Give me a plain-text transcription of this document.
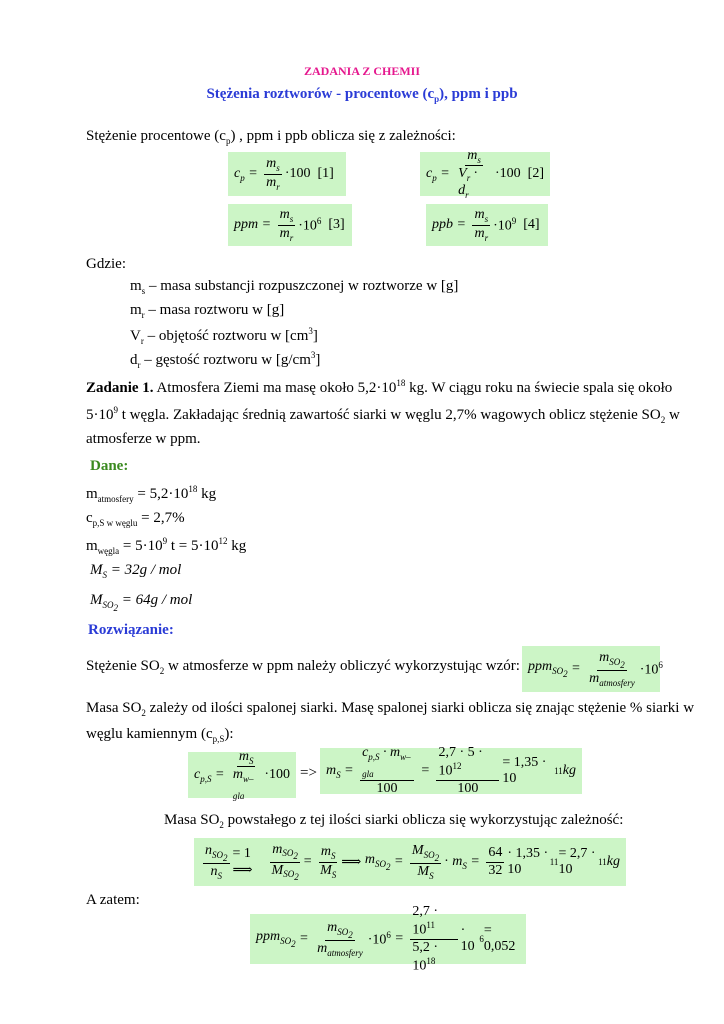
ZADANIA Z CHEMII
Stężenia roztworów - procentowe $(c_p)$, ppm i ppb
Stężenie procentowe $(c_p)$ , ppm i ppb oblicza się z zależności:
$c_p = \frac{m_s}{m_r} \cdot 100$
[1]	$c_p = \frac{m_s}{V_r \cdot d_r} \cdot 100$
[2]
ppm = $\frac{m_s}{m_r} \cdot 10^6$
[3]	ppb = $\frac{m_s}{m_r} \cdot 10^9$
[4]
Gdzie:
$m_s$ – masa substancji rozpuszczonej w roztworze w [g]
$m_r$ – masa roztworu w [g]
$V_r$ – objętość roztworu w $[cm^3]$
$d_r$ – gęstość roztworu w $[g/cm^3]$
Zadanie 1. Atmosfera Ziemi ma masę około $5,2\cdot 10^{18}$ kg. W ciągu roku na świecie spala się około
$5\cdot 10^9$ t węgla. Zakładając średnią zawartość siarki w węglu 2,7% wagowych oblicz stężenie $SO_2$ w
atmosferze w ppm.
Dane:
$m_{atmosfery} = 5,2\cdot 10^{18}$ kg
$c_{p,S w węglu} = 2,7\%$
$m_{węgla} = 5\cdot 10^9$ $t = 5\cdot 10^{12}$ kg
$M_S = 32g$ / mol
$M_{SO_2} = 64g$ / mol
Rozwiązanie:
Stężenie $SO_2$ w atmosferze w ppm należy obliczyć wykorzystując wzór: $ppm_{SO_2} = \frac{m_{SO_2}}{m_{atmosfery}} \cdot 10^6$
Masa $SO_2$ zależy od ilości spalonej siarki. Masę spalonej siarki oblicza się znając stężenie % siarki w
węglu kamiennym $(c_{p,S})$:
$c_{p,S} = \frac{m_S}{m_{w-gla}} \cdot 100 => m_S = \frac{c_{p,S} \cdot m_{w-gla}}{100} = \frac{2,7 \cdot 5 \cdot 10^{12}}{100} = 1,35 \cdot 10$	11 kg
Masa $SO_2$ powstałego z tej ilości siarki oblicza się wykorzystując zależność:
$\frac{n_{SO_2}}{n_S} = 1$ ⟹
	$\frac{m_{SO_2}}{M_{SO_2}}$ =
$\frac{m_S}{M_S}$ ⟹
$m_{SO_2} = \frac{M_{SO_2}}{M_S}$ ·
$m_S = \frac{64}{32} \cdot 1,35 \cdot 10$	11
= 2,7 · 10	11 kg
A zatem:
$ppm_{SO_2} = \frac{m_{SO_2}}{m_{atmosfery}} \cdot 10^6 = \frac{2,7 \cdot 10^{11}}{5,2 \cdot 10^{18}} \cdot 10$ 6
= 0,052
